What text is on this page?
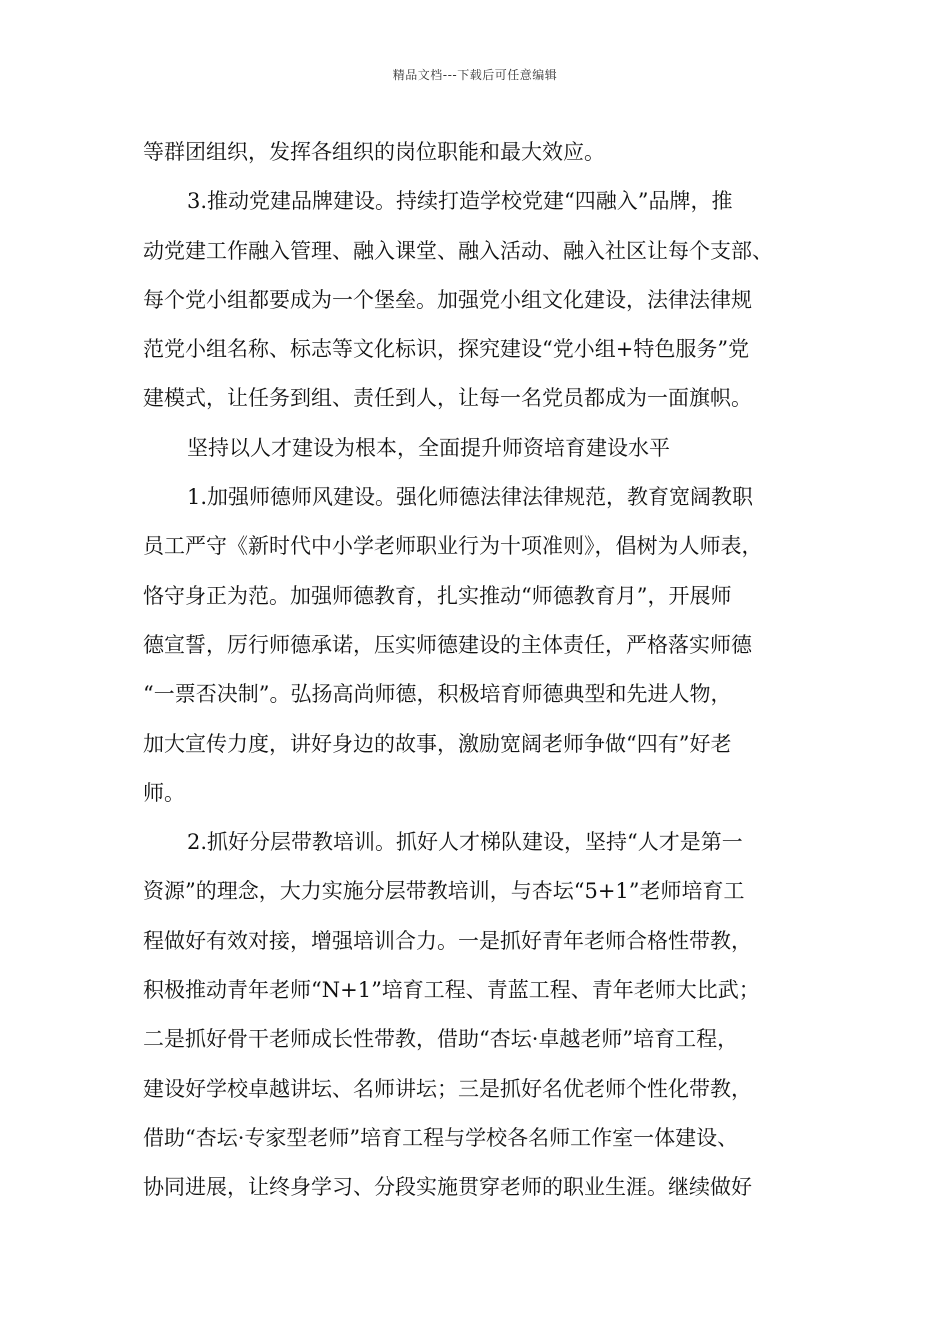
精品文档---下载后可任意编辑
等群团组织，发挥各组织的岗位职能和最大效应。
3.推动党建品牌建设。持续打造学校党建“四融入”品牌，推
动党建工作融入管理、融入课堂、融入活动、融入社区让每个支部、
每个党小组都要成为一个堡垒。加强党小组文化建设，法律法律规
范党小组名称、标志等文化标识，探究建设“党小组+特色服务”党
建模式，让任务到组、责任到人，让每一名党员都成为一面旗帜。
坚持以人才建设为根本，全面提升师资培育建设水平
1.加强师德师风建设。强化师德法律法律规范，教育宽阔教职
员工严守《新时代中小学老师职业行为十项准则》，倡树为人师表，
恪守身正为范。加强师德教育，扎实推动“师德教育月”，开展师
德宣誓，厉行师德承诺，压实师德建设的主体责任，严格落实师德
“一票否决制”。弘扬高尚师德，积极培育师德典型和先进人物，
加大宣传力度，讲好身边的故事，激励宽阔老师争做“四有”好老
师。
2.抓好分层带教培训。抓好人才梯队建设，坚持“人才是第一
资源”的理念，大力实施分层带教培训，与杏坛“5+1”老师培育工
程做好有效对接，增强培训合力。一是抓好青年老师合格性带教，
积极推动青年老师“N+1”培育工程、青蓝工程、青年老师大比武；
二是抓好骨干老师成长性带教，借助“杏坛·卓越老师”培育工程，
建设好学校卓越讲坛、名师讲坛；三是抓好名优老师个性化带教，
借助“杏坛·专家型老师”培育工程与学校各名师工作室一体建设、
协同进展，让终身学习、分段实施贯穿老师的职业生涯。继续做好
